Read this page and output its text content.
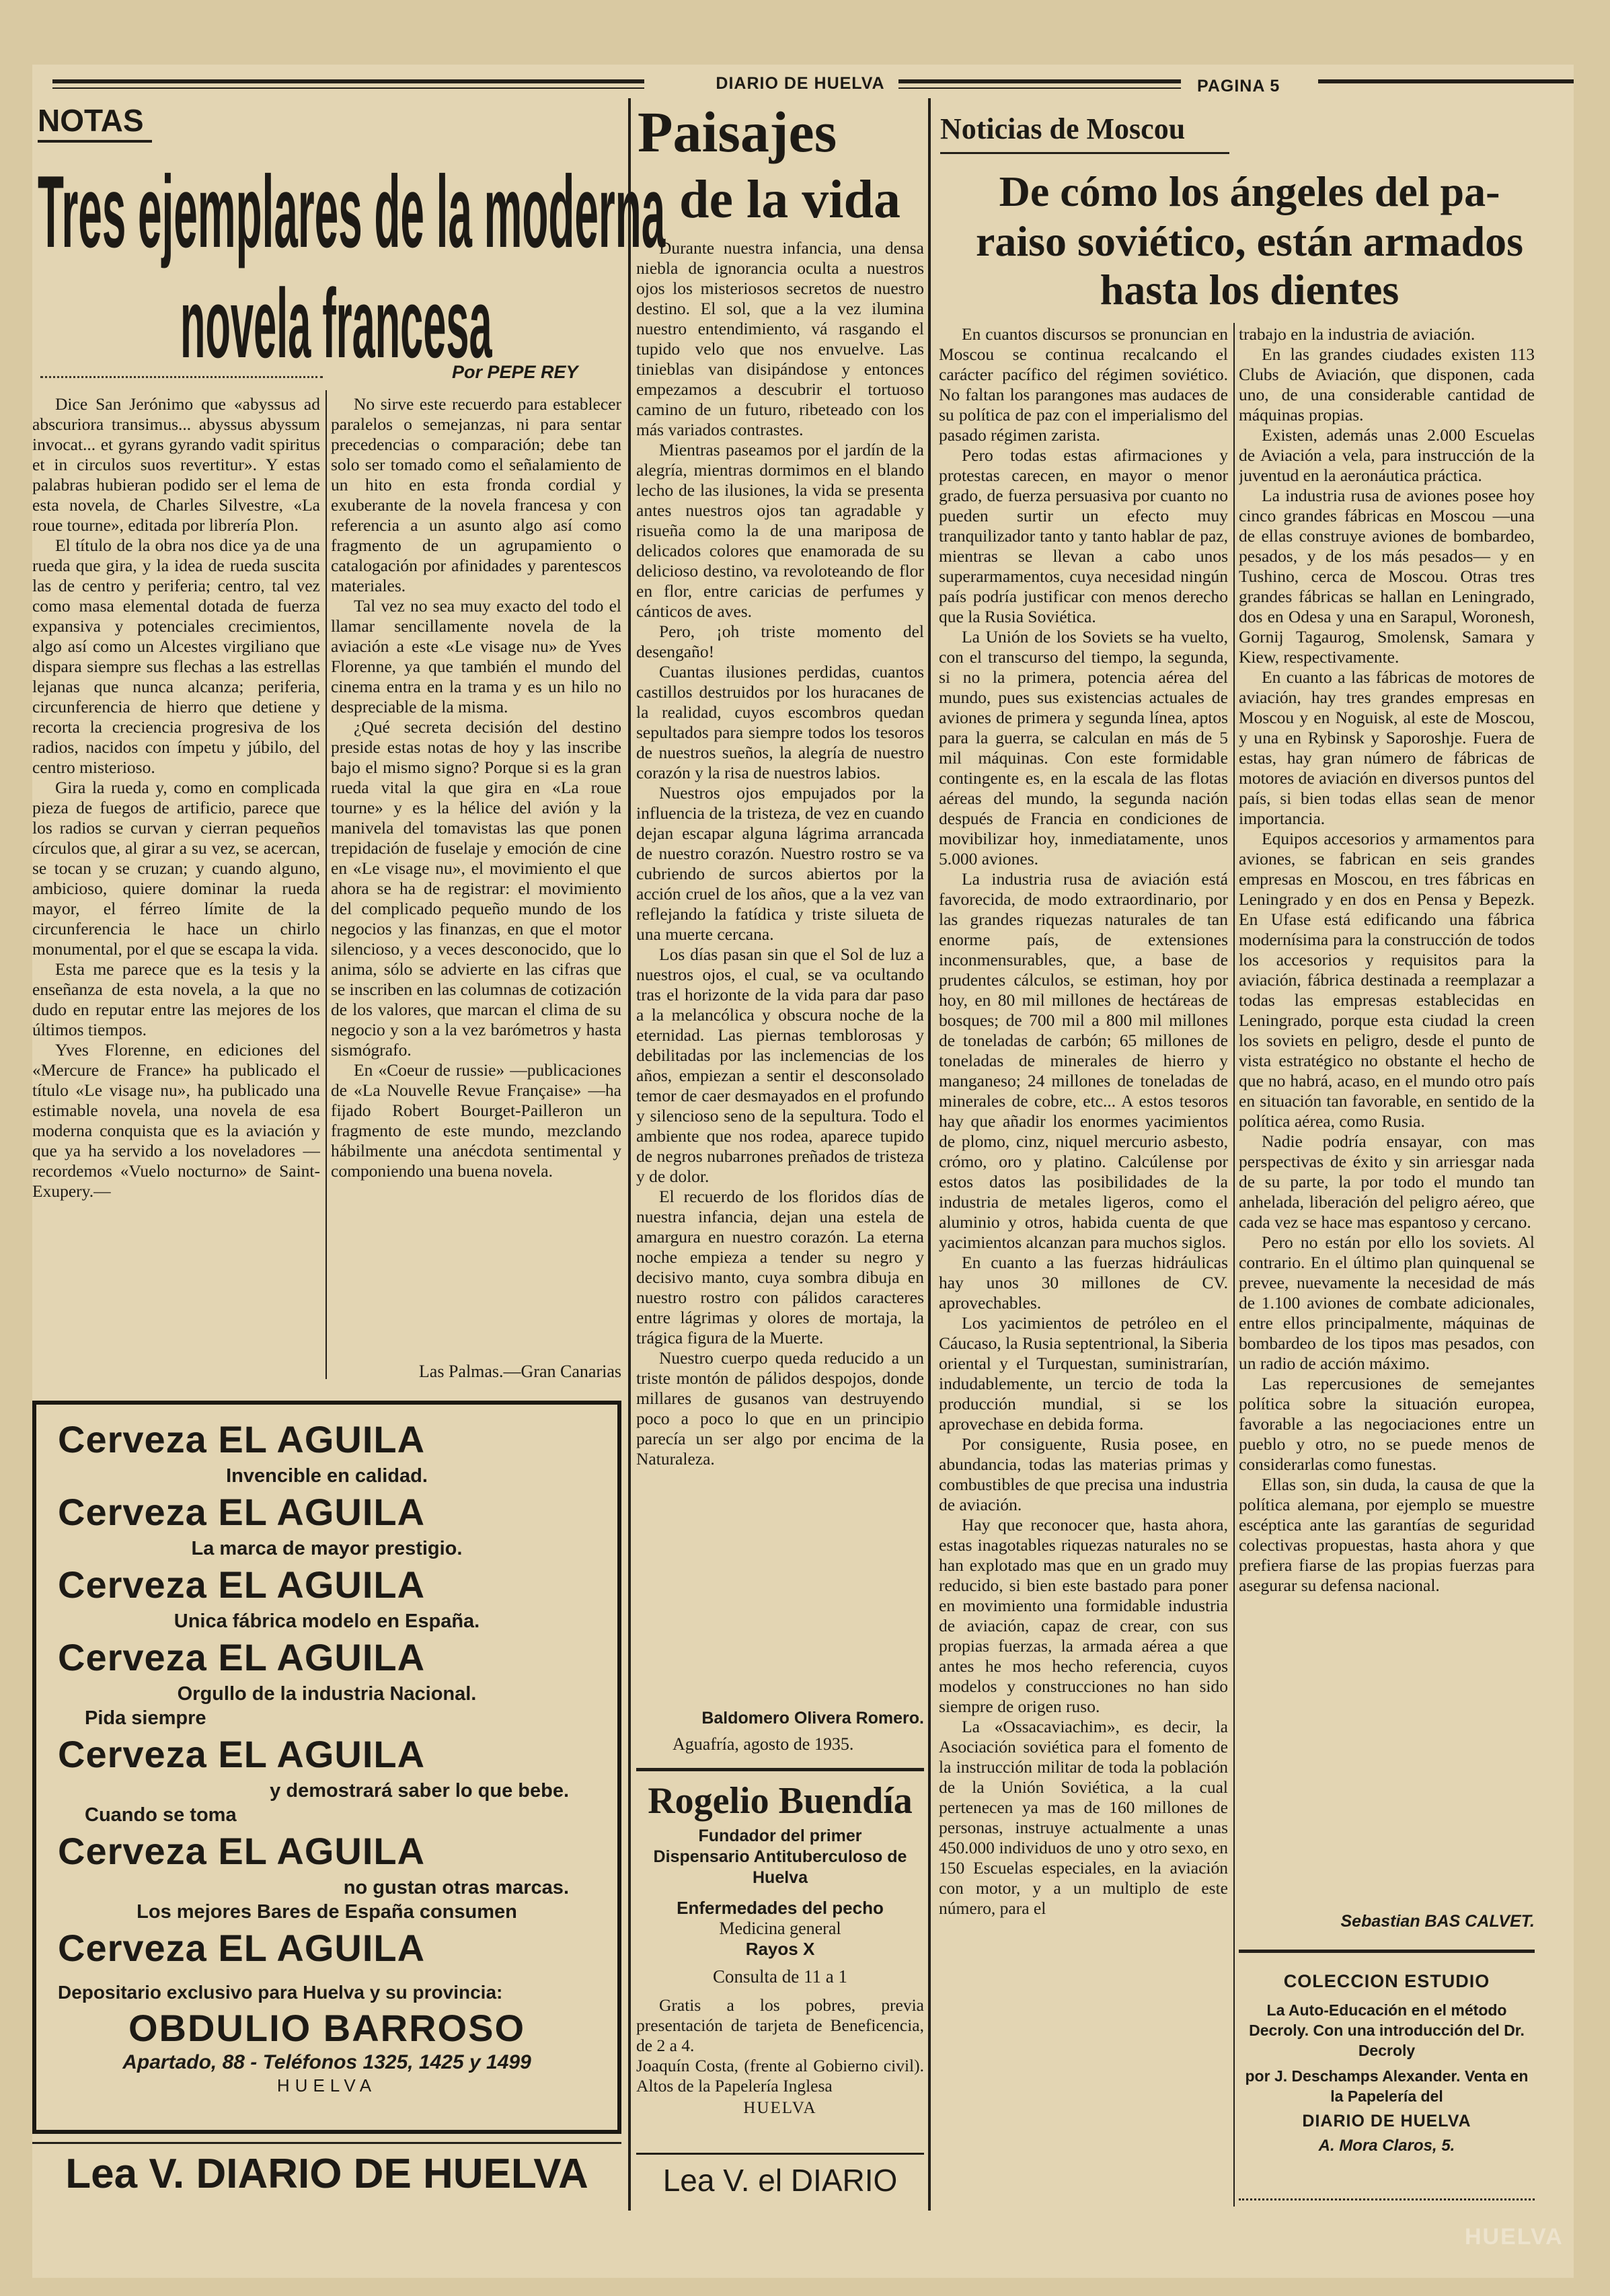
DIARIO DE HUELVA	PAGINA 5
NOTAS
Tres ejemplares de la moderna
novela francesa
Por PEPE REY

Dice San Jerónimo que «abyssus ad abscuriora transimus... abyssus abyssum invocat... et gyrans gyrando vadit spiritus et in circulos suos revertitur». Y estas palabras hubieran podido ser el lema de esta novela, de Charles Silvestre, «La roue tourne», editada por librería Plon.

El título de la obra nos dice ya de una rueda que gira, y la idea de rueda suscita las de centro y periferia; centro, tal vez como masa elemental dotada de fuerza expansiva y potenciales crecimientos, algo así como un Alcestes virgiliano que dispara siempre sus flechas a las estrellas lejanas que nunca alcanza; periferia, circunferencia de hierro que detiene y recorta la creciencia progresiva de los radios, nacidos con ímpetu y júbilo, del centro misterioso.

Gira la rueda y, como en complicada pieza de fuegos de artificio, parece que los radios se curvan y cierran pequeños círculos que, al girar a su vez, se acercan, se tocan y se cruzan; y cuando alguno, ambicioso, quiere dominar la rueda mayor, el férreo límite de la circunferencia le hace un chirlo monumental, por el que se escapa la vida.

Esta me parece que es la tesis y la enseñanza de esta novela, a la que no dudo en reputar entre las mejores de los últimos tiempos.

Yves Florenne, en ediciones del «Mercure de France» ha publicado el título «Le visage nu», ha publicado una estimable novela, una novela de esa moderna conquista que es la aviación y que ya ha servido a los noveladores —recordemos «Vuelo nocturno» de Saint-Exupery.—

No sirve este recuerdo para establecer paralelos o semejanzas, ni para sentar precedencias o comparación; debe tan solo ser tomado como el señalamiento de un hito en esta fronda cordial y exuberante de la novela francesa y con referencia a un asunto algo así como fragmento de un agrupamiento o catalogación por afinidades y parentescos materiales.

Tal vez no sea muy exacto del todo el llamar sencillamente novela de la aviación a este «Le visage nu» de Yves Florenne, ya que también el mundo del cinema entra en la trama y es un hilo no despreciable de la misma.

¿Qué secreta decisión del destino preside estas notas de hoy y las inscribe bajo el mismo signo? Porque si es la gran rueda vital la que gira en «La roue tourne» y es la hélice del avión y la manivela del tomavistas las que ponen trepidación de fuselaje y emoción de cine en «Le visage nu», el movimiento el que ahora se ha de registrar: el movimiento del complicado pequeño mundo de los negocios y las finanzas, en que el motor silencioso, y a veces desconocido, que lo anima, sólo se advierte en las cifras que se inscriben en las columnas de cotización de los valores, que marcan el clima de su negocio y son a la vez barómetros y hasta sismógrafo.

En «Coeur de russie» —publicaciones de «La Nouvelle Revue Française» —ha fijado Robert Bourget-Pailleron un fragmento de este mundo, mezclando hábilmente una anécdota sentimental y componiendo una buena novela.

Las Palmas.—Gran Canarias
Cerveza EL AGUILA
Invencible en calidad.
Cerveza EL AGUILA
La marca de mayor prestigio.
Cerveza EL AGUILA
Unica fábrica modelo en España.
Cerveza EL AGUILA
Orgullo de la industria Nacional.
Pida siempre
Cerveza EL AGUILA
y demostrará saber lo que bebe.
Cuando se toma
Cerveza EL AGUILA
no gustan otras marcas.
Los mejores Bares de España consumen
Cerveza EL AGUILA
Depositario exclusivo para Huelva y su provincia:
OBDULIO BARROSO
Apartado, 88 - Teléfonos 1325, 1425 y 1499
HUELVA
Lea V. DIARIO DE HUELVA
Paisajes
de la vida

Durante nuestra infancia, una densa niebla de ignorancia oculta a nuestros ojos los misteriosos secretos de nuestro destino. El sol, que a la vez ilumina nuestro entendimiento, vá rasgando el tupido velo que nos envuelve. Las tinieblas van disipándose y entonces empezamos a descubrir el tortuoso camino de un futuro, ribeteado con los más variados contrastes.

Mientras paseamos por el jardín de la alegría, mientras dormimos en el blando lecho de las ilusiones, la vida se presenta antes nuestros ojos tan agradable y risueña como la de una mariposa de delicados colores que enamorada de su delicioso destino, va revoloteando de flor en flor, entre caricias de perfumes y cánticos de aves.

Pero, ¡oh triste momento del desengaño!

Cuantas ilusiones perdidas, cuantos castillos destruidos por los huracanes de la realidad, cuyos escombros quedan sepultados para siempre todos los tesoros de nuestros sueños, la alegría de nuestro corazón y la risa de nuestros labios.

Nuestros ojos empujados por la influencia de la tristeza, de vez en cuando dejan escapar alguna lágrima arrancada de nuestro corazón. Nuestro rostro se va cubriendo de surcos abiertos por la acción cruel de los años, que a la vez van reflejando la fatídica y triste silueta de una muerte cercana.

Los días pasan sin que el Sol de luz a nuestros ojos, el cual, se va ocultando tras el horizonte de la vida para dar paso a la melancólica y obscura noche de la eternidad. Las piernas temblorosas y debilitadas por las inclemencias de los años, empiezan a sentir el desconsolado temor de caer desmayados en el profundo y silencioso seno de la sepultura. Todo el ambiente que nos rodea, aparece tupido de negros nubarrones preñados de tristeza y de dolor.

El recuerdo de los floridos días de nuestra infancia, dejan una estela de amargura en nuestro corazón. La eterna noche empieza a tender su negro y decisivo manto, cuya sombra dibuja en nuestro rostro con pálidos caracteres entre lágrimas y olores de mortaja, la trágica figura de la Muerte.

Nuestro cuerpo queda reducido a un triste montón de pálidos despojos, donde millares de gusanos van destruyendo poco a poco lo que en un principio parecía un ser algo por encima de la Naturaleza.

Baldomero Olivera Romero.
Aguafría, agosto de 1935.
Rogelio Buendía
Fundador del primer Dispensario Antituberculoso de Huelva
Enfermedades del pecho
Medicina general
Rayos X
Consulta de 11 a 1
Gratis a los pobres, previa presentación de tarjeta de Beneficencia, de 2 a 4.
Joaquín Costa, (frente al Gobierno civil). Altos de la Papelería Inglesa
HUELVA
Lea V. el DIARIO
Noticias de Moscou
De cómo los ángeles del pa-
raiso soviético, están armados
hasta los dientes

En cuantos discursos se pronuncian en Moscou se continua recalcando el carácter pacífico del régimen soviético. No faltan los parangones mas audaces de su política de paz con el imperialismo del pasado régimen zarista.

Pero todas estas afirmaciones y protestas carecen, en mayor o menor grado, de fuerza persuasiva por cuanto no pueden surtir un efecto muy tranquilizador tanto y tanto hablar de paz, mientras se llevan a cabo unos superarmamentos, cuya necesidad ningún país podría justificar con menos derecho que la Rusia Soviética.

La Unión de los Soviets se ha vuelto, con el transcurso del tiempo, la segunda, si no la primera, potencia aérea del mundo, pues sus existencias actuales de aviones de primera y segunda línea, aptos para la guerra, se calculan en más de 5 mil máquinas. Con este formidable contingente es, en la escala de las flotas aéreas del mundo, la segunda nación después de Francia en condiciones de movibilizar hoy, inmediatamente, unos 5.000 aviones.

La industria rusa de aviación está favorecida, de modo extraordinario, por las grandes riquezas naturales de tan enorme país, de extensiones inconmensurables, que, a base de prudentes cálculos, se estiman, hoy por hoy, en 80 mil millones de hectáreas de bosques; de 700 mil a 800 mil millones de toneladas de carbón; 65 millones de toneladas de minerales de hierro y manganeso; 24 millones de toneladas de minerales de cobre, etc... A estos tesoros hay que añadir los enormes yacimientos de plomo, cinz, niquel mercurio asbesto, crómo, oro y platino. Calcúlense por estos datos las posibilidades de la industria de metales ligeros, como el aluminio y otros, habida cuenta de que yacimientos alcanzan para muchos siglos.

En cuanto a las fuerzas hidráulicas hay unos 30 millones de CV. aprovechables.

Los yacimientos de petróleo en el Cáucaso, la Rusia septentrional, la Siberia oriental y el Turquestan, suministrarían, indudablemente, un tercio de toda la producción mundial, si se los aprovechase en debida forma.

Por consiguente, Rusia posee, en abundancia, todas las materias primas y combustibles de que precisa una industria de aviación.

Hay que reconocer que, hasta ahora, estas inagotables riquezas naturales no se han explotado mas que en un grado muy reducido, si bien este bastado para poner en movimiento una formidable industria de aviación, capaz de crear, con sus propias fuerzas, la armada aérea a que antes he mos hecho referencia, cuyos modelos y construcciones no han sido siempre de origen ruso.

La «Ossacaviachim», es decir, la Asociación soviética para el fomento de la instrucción militar de toda la población de la Unión Soviética, a la cual pertenecen ya mas de 160 millones de personas, instruye actualmente a unas 450.000 individuos de uno y otro sexo, en 150 Escuelas especiales, en la aviación con motor, y a un multiplo de este número, para el

trabajo en la industria de aviación.

En las grandes ciudades existen 113 Clubs de Aviación, que disponen, cada uno, de una considerable cantidad de máquinas propias.

Existen, además unas 2.000 Escuelas de Aviación a vela, para instrucción de la juventud en la aeronáutica práctica.

La industria rusa de aviones posee hoy cinco grandes fábricas en Moscou —una de ellas construye aviones de bombardeo, pesados, y de los más pesados— y en Tushino, cerca de Moscou. Otras tres grandes fábricas se hallan en Leningrado, dos en Odesa y una en Sarapul, Woronesh, Gornij Tagaurog, Smolensk, Samara y Kiew, respectivamente.

En cuanto a las fábricas de motores de aviación, hay tres grandes empresas en Moscou y en Noguisk, al este de Moscou, y una en Rybinsk y Saporoshje. Fuera de estas, hay gran número de fábricas de motores de aviación en diversos puntos del país, si bien todas ellas sean de menor importancia.

Equipos accesorios y armamentos para aviones, se fabrican en seis grandes empresas en Moscou, en tres fábricas en Leningrado y en dos en Pensa y Bepezk. En Ufase está edificando una fábrica modernísima para la construcción de todos los accesorios y requisitos para la aviación, fábrica destinada a reemplazar a todas las empresas establecidas en Leningrado, porque esta ciudad la creen los soviets en peligro, desde el punto de vista estratégico no obstante el hecho de que no habrá, acaso, en el mundo otro país en situación tan favorable, en sentido de la política aérea, como Rusia.

Nadie podría ensayar, con mas perspectivas de éxito y sin arriesgar nada de su parte, la por todo el mundo tan anhelada, liberación del peligro aéreo, que cada vez se hace mas espantoso y cercano.

Pero no están por ello los soviets. Al contrario. En el último plan quinquenal se prevee, nuevamente la necesidad de más de 1.100 aviones de combate adicionales, entre ellos principalmente, máquinas de bombardeo de los tipos mas pesados, con un radio de acción máximo.

Las repercusiones de semejantes política sobre la situación europea, favorable a las negociaciones entre un pueblo y otro, no se puede menos de considerarlas como funestas.

Ellas son, sin duda, la causa de que la política alemana, por ejemplo se muestre escéptica ante las garantías de seguridad colectivas propuestas, hasta ahora y que prefiera fiarse de las propias fuerzas para asegurar su defensa nacional.

Sebastian BAS CALVET.
COLECCION ESTUDIO
La Auto-Educación en el método Decroly. Con una introducción del Dr. Decroly
por J. Deschamps Alexander. Venta en la Papelería del
DIARIO DE HUELVA
A. Mora Claros, 5.
HUELVA
